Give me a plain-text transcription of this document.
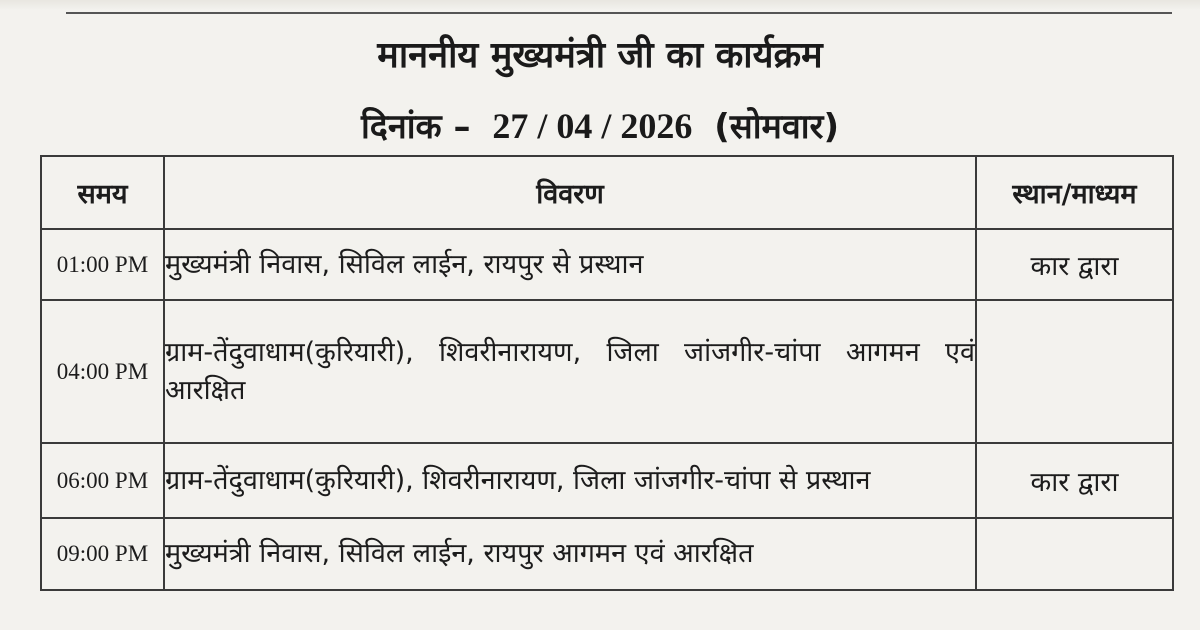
माननीय मुख्यमंत्री जी का कार्यक्रम
दिनांक – 27 / 04 / 2026 (सोमवार)
समय	विवरण	स्थान/माध्यम
01:00 PM	मुख्यमंत्री निवास, सिविल लाईन, रायपुर से प्रस्थान	कार द्वारा
04:00 PM	ग्राम-तेंदुवाधाम(कुरियारी), शिवरीनारायण, जिला जांजगीर-चांपा आगमन एवं आरक्षित	
06:00 PM	ग्राम-तेंदुवाधाम(कुरियारी), शिवरीनारायण, जिला जांजगीर-चांपा से प्रस्थान	कार द्वारा
09:00 PM	मुख्यमंत्री निवास, सिविल लाईन, रायपुर आगमन एवं आरक्षित	
